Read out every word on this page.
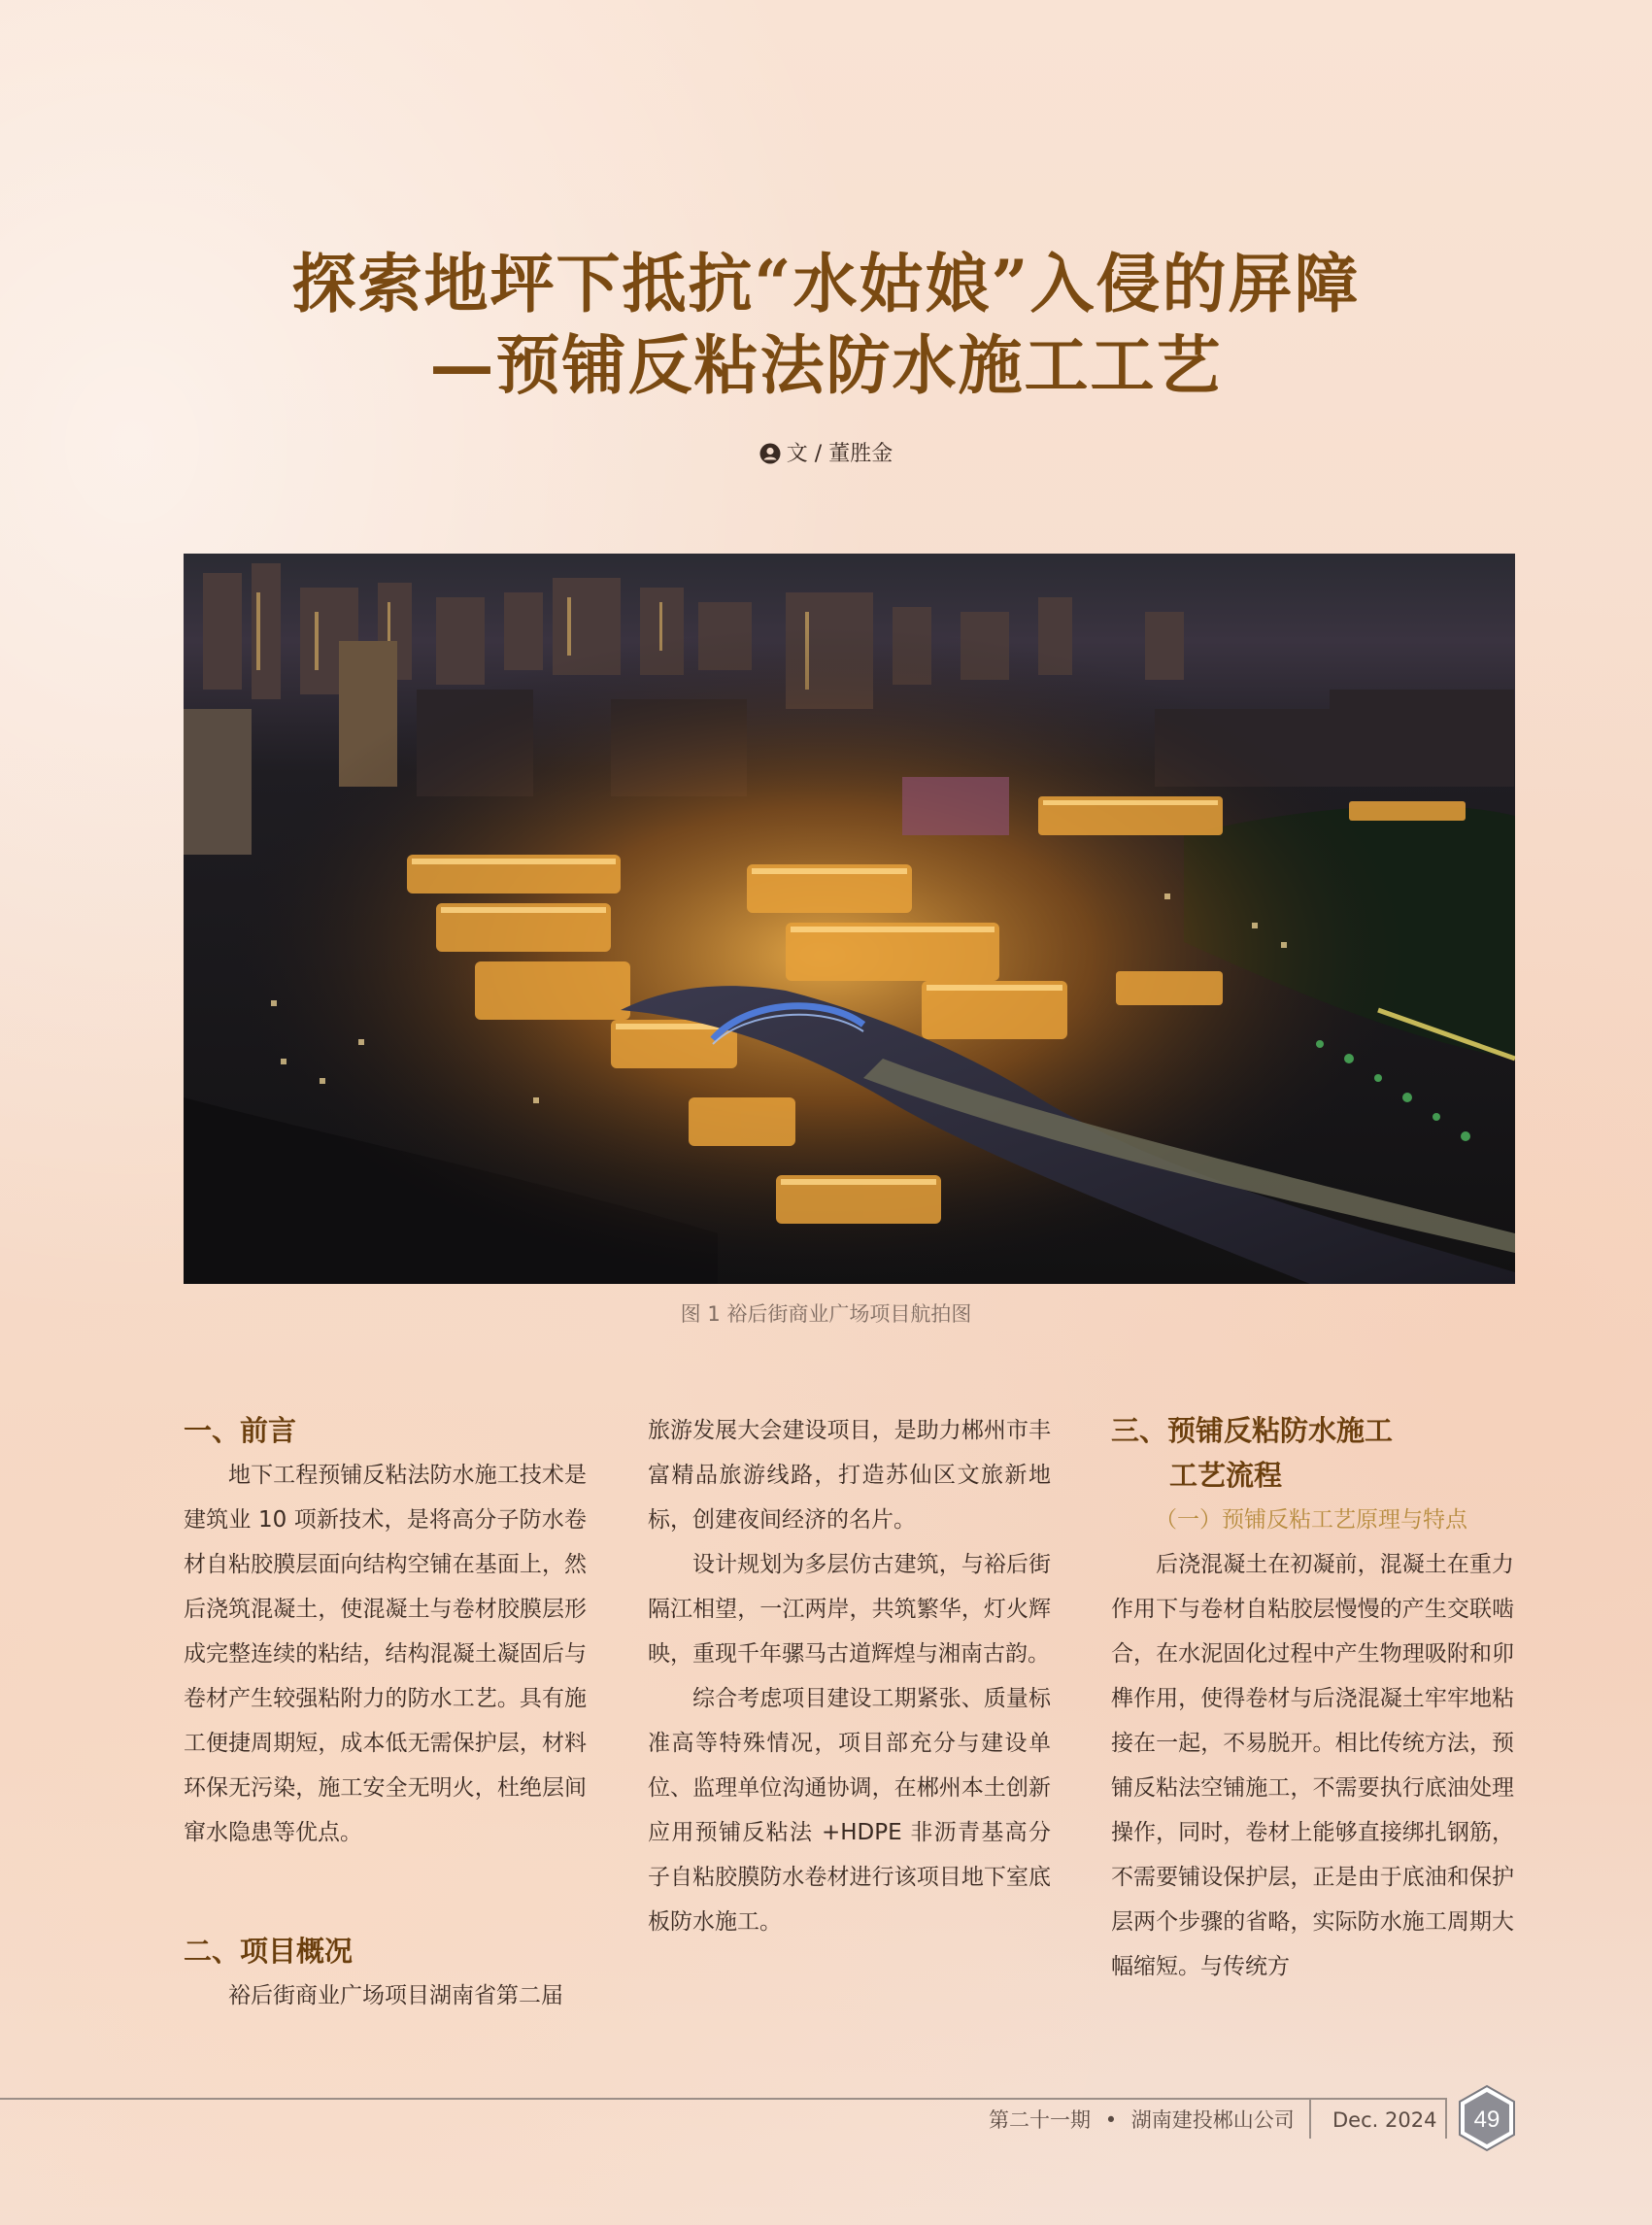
探索地坪下抵抗“水姑娘”入侵的屏障
—预铺反粘法防水施工工艺
文 / 董胜金
图 1 裕后街商业广场项目航拍图

一、前言

地下工程预铺反粘法防水施工技术是建筑业 10 项新技术，是将高分子防水卷材自粘胶膜层面向结构空铺在基面上，然后浇筑混凝土，使混凝土与卷材胶膜层形成完整连续的粘结，结构混凝土凝固后与卷材产生较强粘附力的防水工艺。具有施工便捷周期短，成本低无需保护层，材料环保无污染，施工安全无明火，杜绝层间窜水隐患等优点。

二、项目概况

裕后街商业广场项目湖南省第二届

旅游发展大会建设项目，是助力郴州市丰富精品旅游线路，打造苏仙区文旅新地标，创建夜间经济的名片。

设计规划为多层仿古建筑，与裕后街隔江相望，一江两岸，共筑繁华，灯火辉映，重现千年骡马古道辉煌与湘南古韵。

综合考虑项目建设工期紧张、质量标准高等特殊情况，项目部充分与建设单位、监理单位沟通协调，在郴州本土创新应用预铺反粘法 +HDPE 非沥青基高分子自粘胶膜防水卷材进行该项目地下室底板防水施工。

三、预铺反粘防水施工

工艺流程

（一）预铺反粘工艺原理与特点

后浇混凝土在初凝前，混凝土在重力作用下与卷材自粘胶层慢慢的产生交联啮合，在水泥固化过程中产生物理吸附和卯榫作用，使得卷材与后浇混凝土牢牢地粘接在一起，不易脱开。相比传统方法，预铺反粘法空铺施工，不需要执行底油处理操作，同时，卷材上能够直接绑扎钢筋，不需要铺设保护层，正是由于底油和保护层两个步骤的省略，实际防水施工周期大幅缩短。与传统方

第二十一期 • 湖南建投郴山公司 Dec. 2024 49
